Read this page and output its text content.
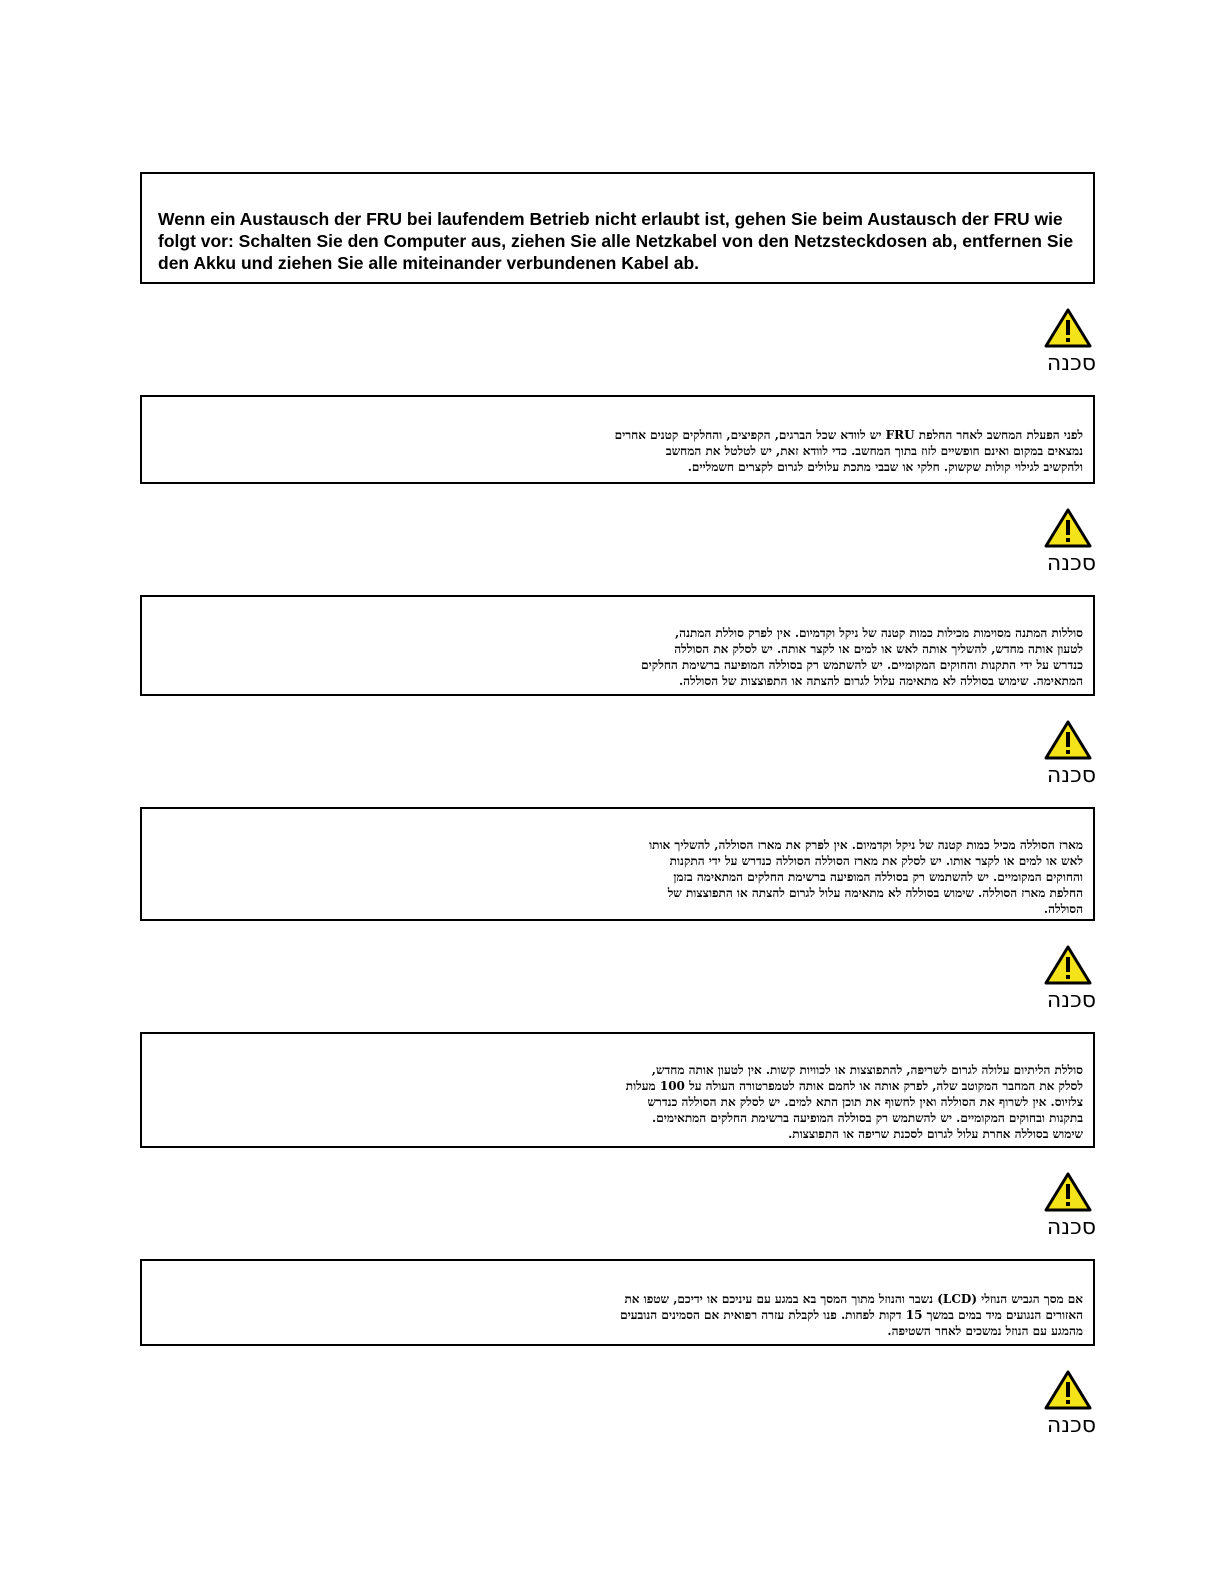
Wenn ein Austausch der FRU bei laufendem Betrieb nicht erlaubt ist, gehen Sie beim Austausch der FRU wie folgt vor: Schalten Sie den Computer aus, ziehen Sie alle Netzkabel von den Netzsteckdosen ab, entfernen Sie den Akku und ziehen Sie alle miteinander verbundenen Kabel ab.

סכנה

לפני הפעלת המחשב לאחר החלפת FRU יש לוודא שכל הברגים, הקפיצים, והחלקים קטנים אחרים
נמצאים במקום ואינם חופשיים לזוז בתוך המחשב. כדי לוודא זאת, יש לטלטל את המחשב
ולהקשיב לגילוי קולות שקשוק. חלקי או שבבי מתכת עלולים לגרום לקצרים חשמליים.

סכנה

סוללות המתנה מסוימות מכילות כמות קטנה של ניקל וקדמיום. אין לפרק סוללת המתנה,
לטעון אותה מחדש, להשליך אותה לאש או למים או לקצר אותה. יש לסלק את הסוללה
כנדרש על ידי התקנות והחוקים המקומיים. יש להשתמש רק בסוללה המופיעה ברשימת החלקים
המתאימה. שימוש בסוללה לא מתאימה עלול לגרום להצתה או התפוצצות של הסוללה.

סכנה

מארז הסוללה מכיל כמות קטנה של ניקל וקדמיום. אין לפרק את מארז הסוללה, להשליך אותו
לאש או למים או לקצר אותו. יש לסלק את מארז הסוללה הסוללה כנדרש על ידי התקנות
והחוקים המקומיים. יש להשתמש רק בסוללה המופיעה ברשימת החלקים המתאימה בזמן
החלפת מארז הסוללה. שימוש בסוללה לא מתאימה עלול לגרום להצתה או התפוצצות של
הסוללה.

סכנה

סוללת הליתיום עלולה לגרום לשריפה, להתפוצצות או לכוויות קשות. אין לטעון אותה מחדש,
לסלק את המחבר המקוטב שלה, לפרק אותה או לחמם אותה לטמפרטורה העולה על 100 מעלות
צלזיוס. אין לשרוף את הסוללה ואין לחשוף את תוכן התא למים. יש לסלק את הסוללה כנדרש
בתקנות ובחוקים המקומיים. יש להשתמש רק בסוללה המופיעה ברשימת החלקים המתאימים.
שימוש בסוללה אחרת עלול לגרום לסכנת שריפה או התפוצצות.

סכנה

אם מסך הגביש הנוזלי (LCD) נשבר והנוזל מתוך המסך בא במגע עם עיניכם או ידיכם, שטפו את
האזורים הנגועים מיד במים במשך 15 דקות לפחות. פנו לקבלת עזרה רפואית אם הסמינים הנובעים
מהמגע עם הנוזל נמשכים לאחר השטיפה.

סכנה
